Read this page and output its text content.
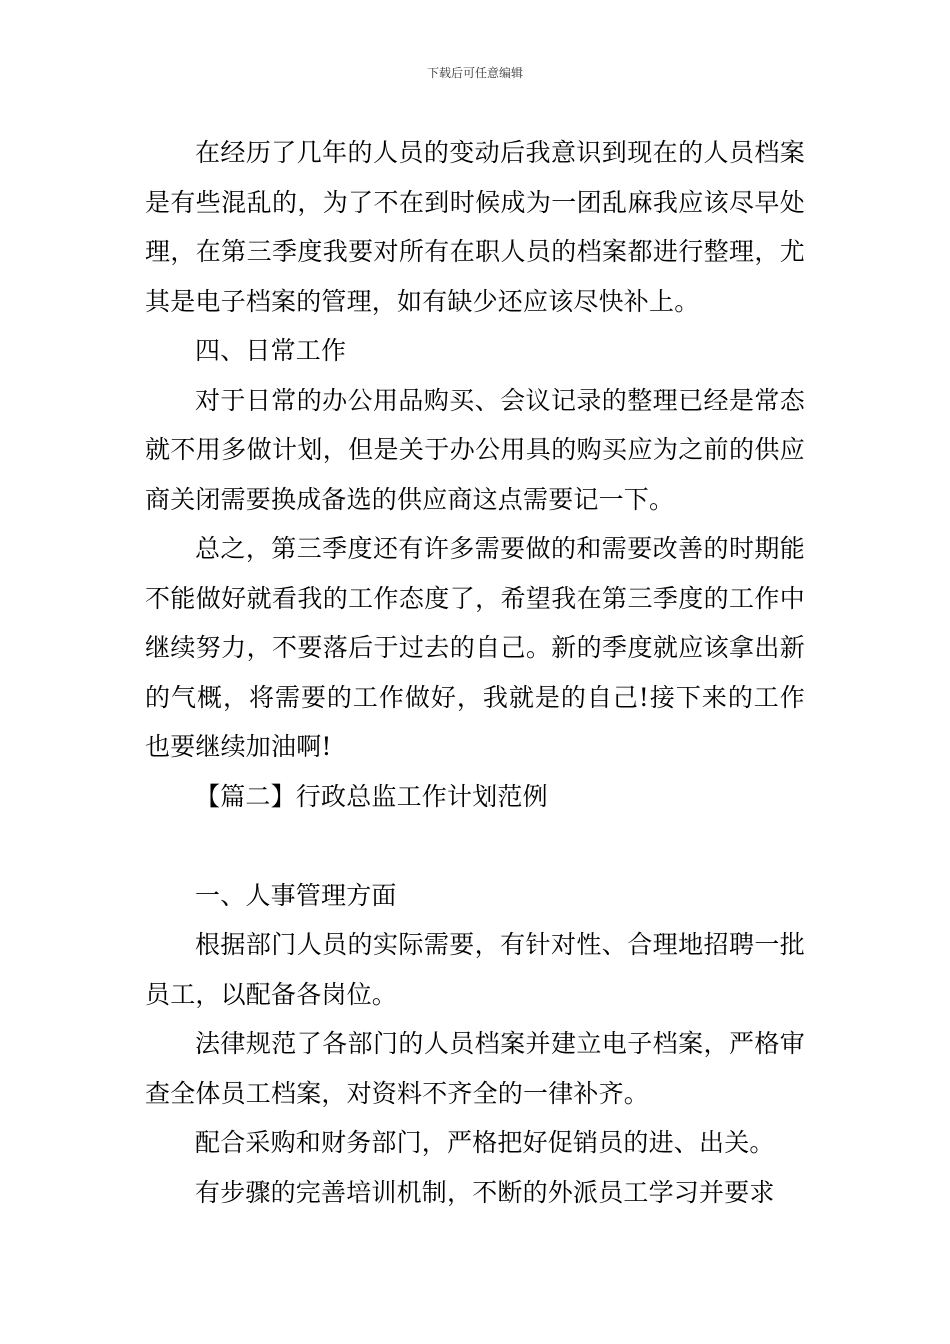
下载后可任意编辑

在经历了几年的人员的变动后我意识到现在的人员档案是有些混乱的，为了不在到时候成为一团乱麻我应该尽早处理，在第三季度我要对所有在职人员的档案都进行整理，尤其是电子档案的管理，如有缺少还应该尽快补上。

四、日常工作

对于日常的办公用品购买、会议记录的整理已经是常态就不用多做计划，但是关于办公用具的购买应为之前的供应商关闭需要换成备选的供应商这点需要记一下。

总之，第三季度还有许多需要做的和需要改善的时期能不能做好就看我的工作态度了，希望我在第三季度的工作中继续努力，不要落后于过去的自己。新的季度就应该拿出新的气概，将需要的工作做好，我就是的自己!接下来的工作也要继续加油啊!

【篇二】行政总监工作计划范例

一、人事管理方面

根据部门人员的实际需要，有针对性、合理地招聘一批员工，以配备各岗位。

法律规范了各部门的人员档案并建立电子档案，严格审查全体员工档案，对资料不齐全的一律补齐。

配合采购和财务部门，严格把好促销员的进、出关。

有步骤的完善培训机制，不断的外派员工学习并要求
